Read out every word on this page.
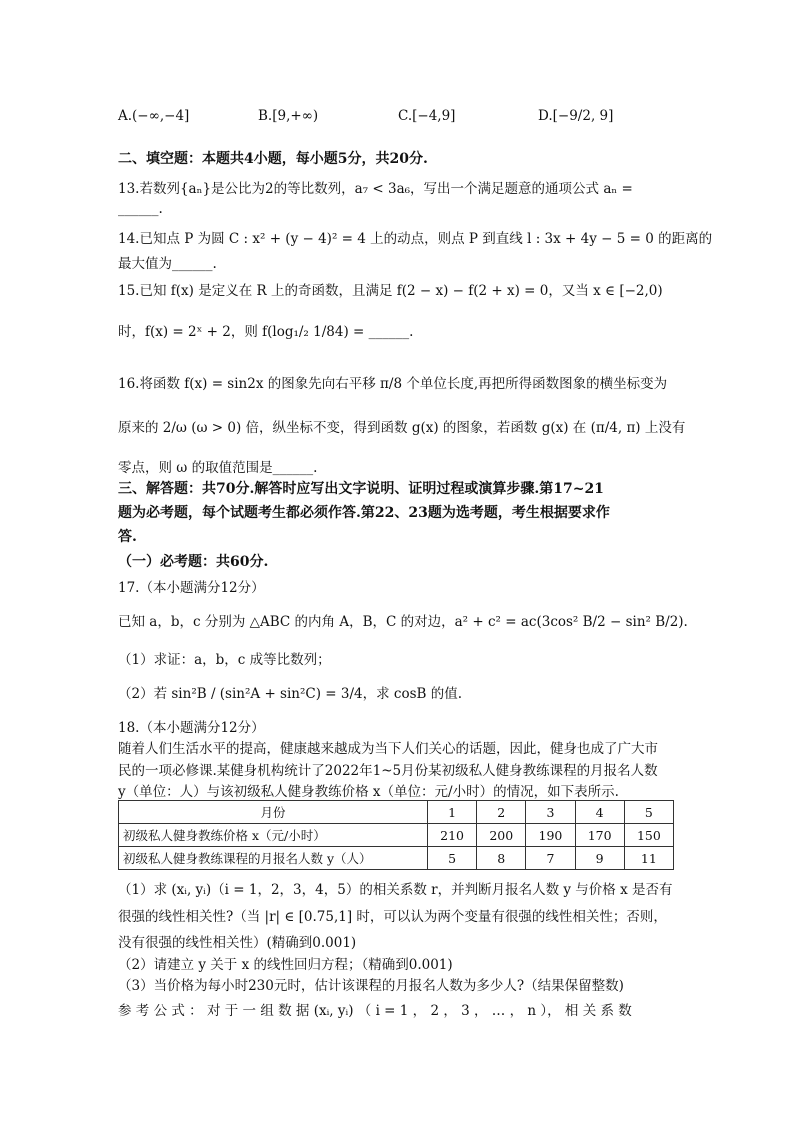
A.(−∞,−4]	B.[9,+∞)	C.[−4,9]	D.[−9/2, 9]
二、填空题：本题共4小题，每小题5分，共20分.
13.若数列{aₙ}是公比为2的等比数列，a₇ < 3a₆，写出一个满足题意的通项公式 aₙ =
______.
14.已知点 P 为圆 C : x² + (y − 4)² = 4 上的动点，则点 P 到直线 l : 3x + 4y − 5 = 0 的距离的
最大值为______.
15.已知 f(x) 是定义在 R 上的奇函数，且满足 f(2 − x) − f(2 + x) = 0，又当 x ∈ [−2,0)
时，f(x) = 2ˣ + 2，则 f(log₁/₂ 1/84) = ______.
16.将函数 f(x) = sin2x 的图象先向右平移 π/8 个单位长度,再把所得函数图象的横坐标变为
原来的 2/ω (ω > 0) 倍，纵坐标不变，得到函数 g(x) 的图象，若函数 g(x) 在 (π/4, π) 上没有
零点，则 ω 的取值范围是______.
三、解答题：共70分.解答时应写出文字说明、证明过程或演算步骤.第17~21
题为必考题，每个试题考生都必须作答.第22、23题为选考题，考生根据要求作
答.
（一）必考题：共60分.
17.（本小题满分12分）
已知 a，b，c 分别为 △ABC 的内角 A，B，C 的对边，a² + c² = ac(3cos² B/2 − sin² B/2).
（1）求证：a，b，c 成等比数列；
（2）若 sin²B / (sin²A + sin²C) = 3/4，求 cosB 的值.
18.（本小题满分12分）
随着人们生活水平的提高，健康越来越成为当下人们关心的话题，因此，健身也成了广大市
民的一项必修课.某健身机构统计了2022年1~5月份某初级私人健身教练课程的月报名人数
y（单位：人）与该初级私人健身教练价格 x（单位：元/小时）的情况，如下表所示.
月份	1	2	3	4	5
初级私人健身教练价格 x（元/小时）	210	200	190	170	150
初级私人健身教练课程的月报名人数 y（人）	5	8	7	9	11
（1）求 (xᵢ, yᵢ)（i = 1，2，3，4，5）的相关系数 r，并判断月报名人数 y 与价格 x 是否有
很强的线性相关性?（当 |r| ∈ [0.75,1] 时，可以认为两个变量有很强的线性相关性；否则，
没有很强的线性相关性）(精确到0.001)
（2）请建立 y 关于 x 的线性回归方程；（精确到0.001)
（3）当价格为每小时230元时，估计该课程的月报名人数为多少人?（结果保留整数)
参 考 公 式 ： 对 于 一 组 数 据 (xᵢ, yᵢ) （ i = 1 ， 2 ， 3 ， … ， n ）， 相 关 系 数
